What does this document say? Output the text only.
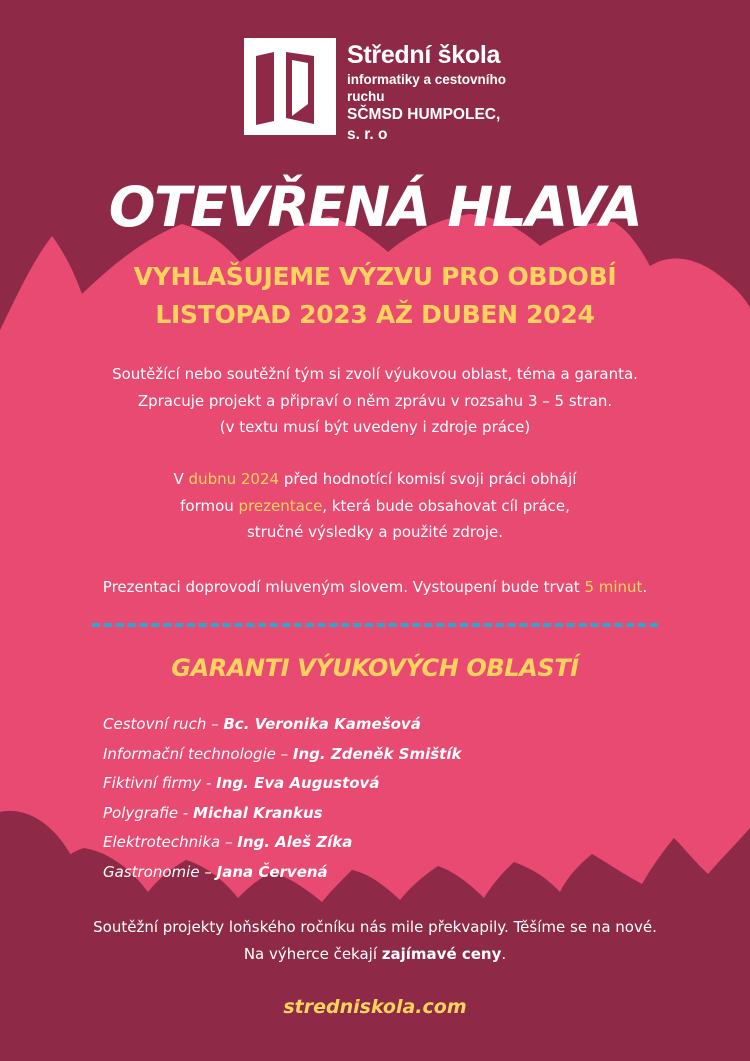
Střední škola
informatiky a cestovního ruchu
SČMSD HUMPOLEC, s. r. o
OTEVŘENÁ HLAVA
VYHLAŠUJEME VÝZVU PRO OBDOBÍ
LISTOPAD 2023 AŽ DUBEN 2024
Soutěžící nebo soutěžní tým si zvolí výukovou oblast, téma a garanta.
Zpracuje projekt a připraví o něm zprávu v rozsahu 3 – 5 stran.
(v textu musí být uvedeny i zdroje práce)
V dubnu 2024 před hodnotící komisí svoji práci obhájí
formou prezentace, která bude obsahovat cíl práce,
stručné výsledky a použité zdroje.
Prezentaci doprovodí mluveným slovem. Vystoupení bude trvat 5 minut.
GARANTI VÝUKOVÝCH OBLASTÍ
Cestovní ruch – Bc. Veronika Kamešová
Informační technologie – Ing. Zdeněk Smištík
Fiktivní firmy - Ing. Eva Augustová
Polygrafie - Michal Krankus
Elektrotechnika – Ing. Aleš Zíka
Gastronomie – Jana Červená
Soutěžní projekty loňského ročníku nás mile překvapily. Těšíme se na nové.
Na výherce čekají zajímavé ceny.
stredniskola.com
